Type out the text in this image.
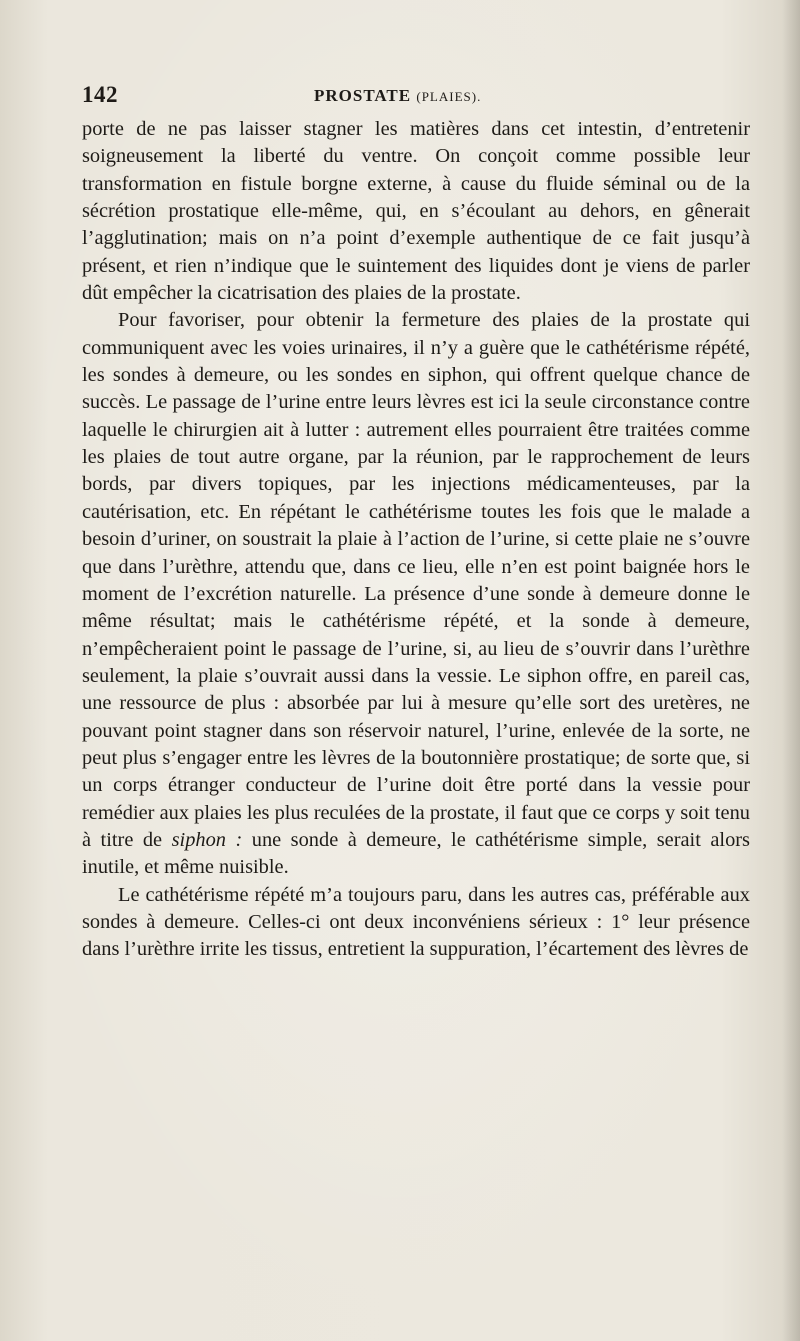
142	PROSTATE (PLAIES).

porte de ne pas laisser stagner les matières dans cet intestin, d’entretenir soigneusement la liberté du ventre. On conçoit comme possible leur transformation en fistule borgne externe, à cause du fluide séminal ou de la sécrétion prostatique elle-même, qui, en s’écoulant au dehors, en gênerait l’agglutination; mais on n’a point d’exemple authentique de ce fait jusqu’à présent, et rien n’indique que le suintement des liquides dont je viens de parler dût empêcher la cicatrisation des plaies de la prostate.

Pour favoriser, pour obtenir la fermeture des plaies de la prostate qui communiquent avec les voies urinaires, il n’y a guère que le cathétérisme répété, les sondes à demeure, ou les sondes en siphon, qui offrent quelque chance de succès. Le passage de l’urine entre leurs lèvres est ici la seule circonstance contre laquelle le chirurgien ait à lutter : autrement elles pourraient être traitées comme les plaies de tout autre organe, par la réunion, par le rapprochement de leurs bords, par divers topiques, par les injections médicamenteuses, par la cautérisation, etc. En répétant le cathétérisme toutes les fois que le malade a besoin d’uriner, on soustrait la plaie à l’action de l’urine, si cette plaie ne s’ouvre que dans l’urèthre, attendu que, dans ce lieu, elle n’en est point baignée hors le moment de l’excrétion naturelle. La présence d’une sonde à demeure donne le même résultat; mais le cathétérisme répété, et la sonde à demeure, n’empêcheraient point le passage de l’urine, si, au lieu de s’ouvrir dans l’urèthre seulement, la plaie s’ouvrait aussi dans la vessie. Le siphon offre, en pareil cas, une ressource de plus : absorbée par lui à mesure qu’elle sort des uretères, ne pouvant point stagner dans son réservoir naturel, l’urine, enlevée de la sorte, ne peut plus s’engager entre les lèvres de la boutonnière prostatique; de sorte que, si un corps étranger conducteur de l’urine doit être porté dans la vessie pour remédier aux plaies les plus reculées de la prostate, il faut que ce corps y soit tenu à titre de siphon : une sonde à demeure, le cathétérisme simple, serait alors inutile, et même nuisible.

Le cathétérisme répété m’a toujours paru, dans les autres cas, préférable aux sondes à demeure. Celles-ci ont deux inconvéniens sérieux : 1° leur présence dans l’urèthre irrite les tissus, entretient la suppuration, l’écartement des lèvres de
